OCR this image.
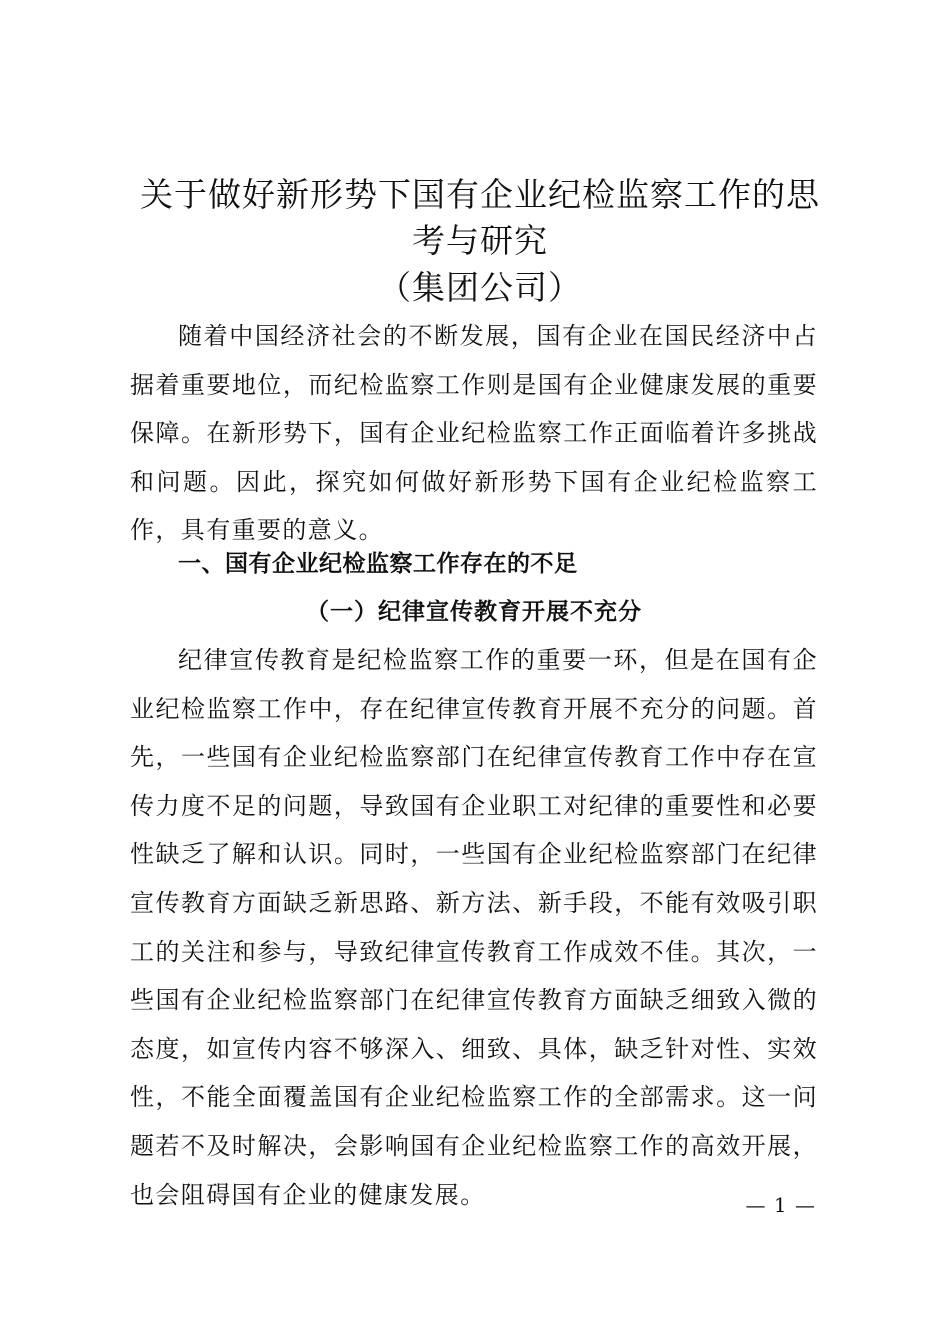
关于做好新形势下国有企业纪检监察工作的思
考与研究
（集团公司）

随着中国经济社会的不断发展，国有企业在国民经济中占据着重要地位，而纪检监察工作则是国有企业健康发展的重要保障。在新形势下，国有企业纪检监察工作正面临着许多挑战和问题。因此，探究如何做好新形势下国有企业纪检监察工作，具有重要的意义。

一、国有企业纪检监察工作存在的不足
（一）纪律宣传教育开展不充分

纪律宣传教育是纪检监察工作的重要一环，但是在国有企业纪检监察工作中，存在纪律宣传教育开展不充分的问题。首先，一些国有企业纪检监察部门在纪律宣传教育工作中存在宣传力度不足的问题，导致国有企业职工对纪律的重要性和必要性缺乏了解和认识。同时，一些国有企业纪检监察部门在纪律宣传教育方面缺乏新思路、新方法、新手段，不能有效吸引职工的关注和参与，导致纪律宣传教育工作成效不佳。其次，一些国有企业纪检监察部门在纪律宣传教育方面缺乏细致入微的态度，如宣传内容不够深入、细致、具体，缺乏针对性、实效性，不能全面覆盖国有企业纪检监察工作的全部需求。这一问题若不及时解决，会影响国有企业纪检监察工作的高效开展，也会阻碍国有企业的健康发展。	— 1 —
